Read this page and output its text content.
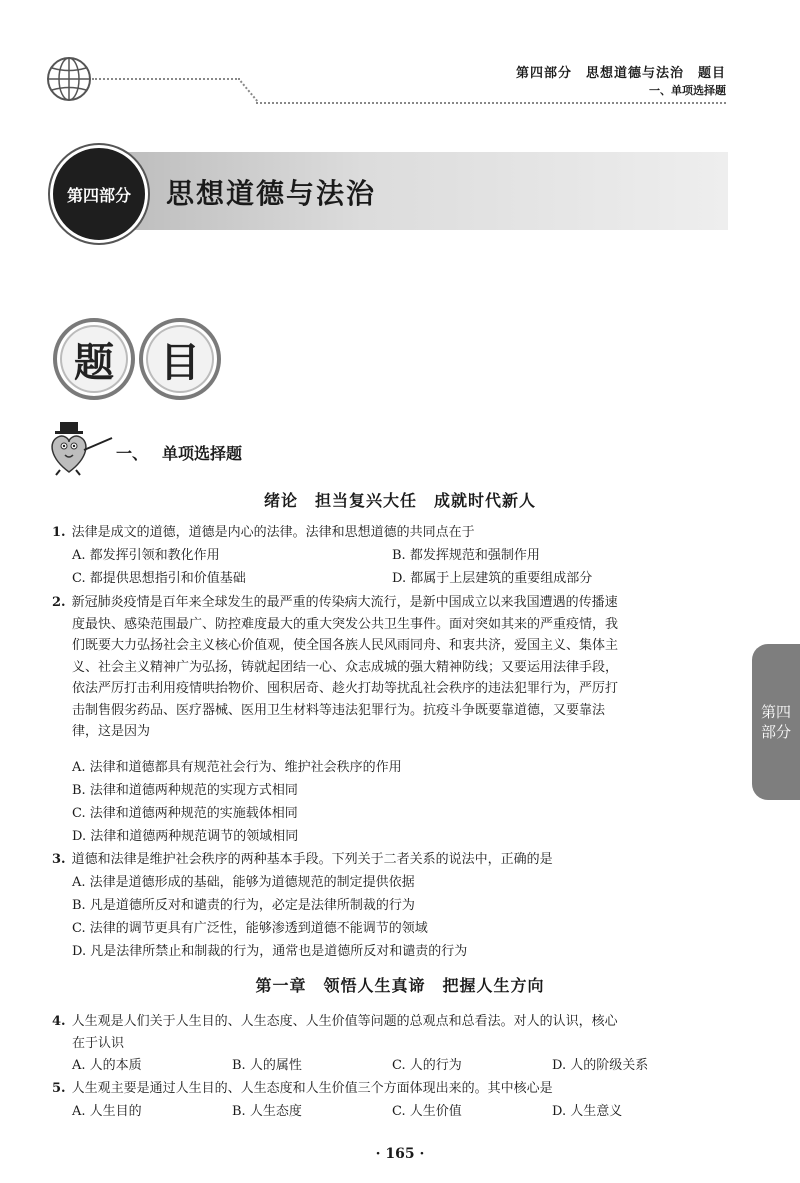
第四部分　思想道德与法治　题目
一、单项选择题
第四部分 思想道德与法治
题 目
一、 单项选择题
绪论　担当复兴大任　成就时代新人
1. 法律是成文的道德，道德是内心的法律。法律和思想道德的共同点在于
A. 都发挥引领和教化作用	B. 都发挥规范和强制作用
C. 都提供思想指引和价值基础	D. 都属于上层建筑的重要组成部分
2. 新冠肺炎疫情是百年来全球发生的最严重的传染病大流行，是新中国成立以来我国遭遇的传播速
度最快、感染范围最广、防控难度最大的重大突发公共卫生事件。面对突如其来的严重疫情，我
们既要大力弘扬社会主义核心价值观，使全国各族人民风雨同舟、和衷共济，爱国主义、集体主
义、社会主义精神广为弘扬，铸就起团结一心、众志成城的强大精神防线；又要运用法律手段，
依法严厉打击利用疫情哄抬物价、囤积居奇、趁火打劫等扰乱社会秩序的违法犯罪行为，严厉打
击制售假劣药品、医疗器械、医用卫生材料等违法犯罪行为。抗疫斗争既要靠道德，又要靠法
律，这是因为
A. 法律和道德都具有规范社会行为、维护社会秩序的作用
B. 法律和道德两种规范的实现方式相同
C. 法律和道德两种规范的实施载体相同
D. 法律和道德两种规范调节的领域相同
3. 道德和法律是维护社会秩序的两种基本手段。下列关于二者关系的说法中，正确的是
A. 法律是道德形成的基础，能够为道德规范的制定提供依据
B. 凡是道德所反对和谴责的行为，必定是法律所制裁的行为
C. 法律的调节更具有广泛性，能够渗透到道德不能调节的领域
D. 凡是法律所禁止和制裁的行为，通常也是道德所反对和谴责的行为
第一章　领悟人生真谛　把握人生方向
4. 人生观是人们关于人生目的、人生态度、人生价值等问题的总观点和总看法。对人的认识，核心
在于认识
A. 人的本质	B. 人的属性	C. 人的行为	D. 人的阶级关系
5. 人生观主要是通过人生目的、人生态度和人生价值三个方面体现出来的。其中核心是
A. 人生目的	B. 人生态度	C. 人生价值	D. 人生意义
第四部分
· 165 ·
